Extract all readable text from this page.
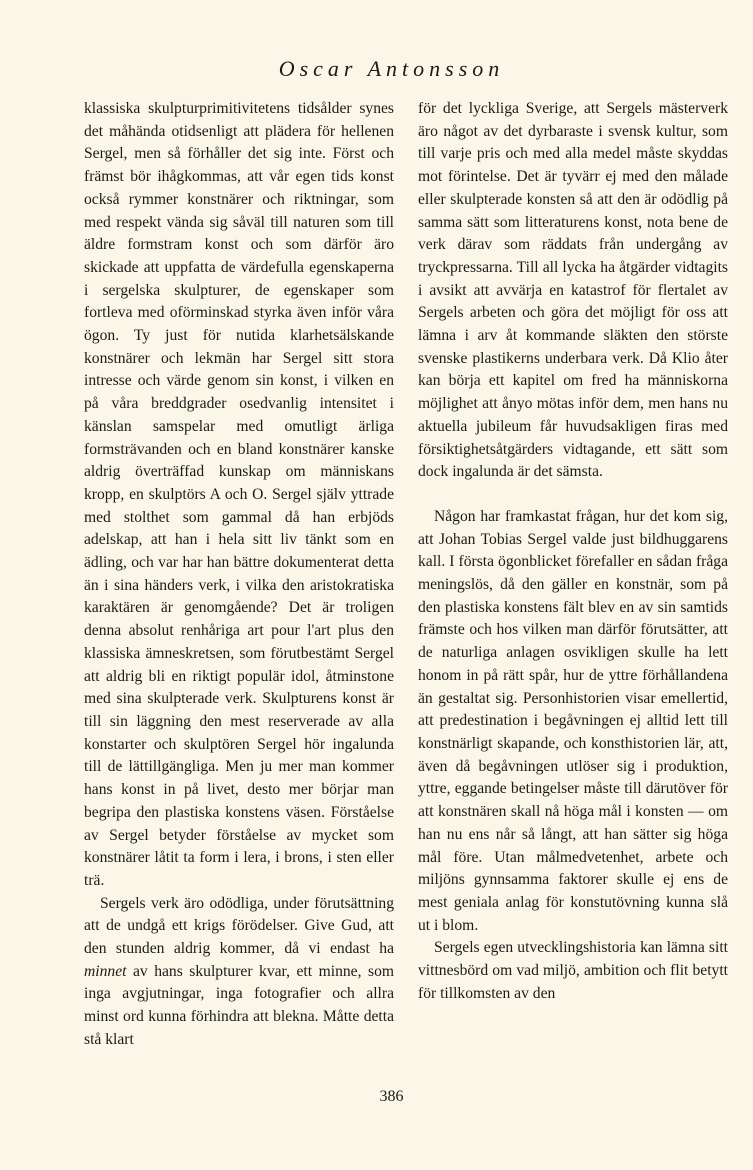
Oscar Antonsson

klassiska skulpturprimitivitetens tidsålder synes det måhända otidsenligt att plädera för hellenen Sergel, men så förhåller det sig inte. Först och främst bör ihågkommas, att vår egen tids konst också rymmer konstnärer och riktningar, som med respekt vända sig såväl till naturen som till äldre formstram konst och som därför äro skickade att uppfatta de värdefulla egenskaperna i sergelska skulpturer, de egenskaper som fortleva med oförminskad styrka även inför våra ögon. Ty just för nutida klarhetsälskande konstnärer och lekmän har Sergel sitt stora intresse och värde genom sin konst, i vilken en på våra breddgrader osedvanlig intensitet i känslan samspelar med omutligt ärliga formsträvanden och en bland konstnärer kanske aldrig överträffad kunskap om människans kropp, en skulptörs A och O. Sergel själv yttrade med stolthet som gammal då han erbjöds adelskap, att han i hela sitt liv tänkt som en ädling, och var har han bättre dokumenterat detta än i sina händers verk, i vilka den aristokratiska karaktären är genomgående? Det är troligen denna absolut renhåriga art pour l'art plus den klassiska ämneskretsen, som förutbestämt Sergel att aldrig bli en riktigt populär idol, åtminstone med sina skulpterade verk. Skulpturens konst är till sin läggning den mest reserverade av alla konstarter och skulptören Sergel hör ingalunda till de lättillgängliga. Men ju mer man kommer hans konst in på livet, desto mer börjar man begripa den plastiska konstens väsen. Förståelse av Sergel betyder förståelse av mycket som konstnärer låtit ta form i lera, i brons, i sten eller trä.

Sergels verk äro odödliga, under förutsättning att de undgå ett krigs förödelser. Give Gud, att den stunden aldrig kommer, då vi endast ha minnet av hans skulpturer kvar, ett minne, som inga avgjutningar, inga fotografier och allra minst ord kunna förhindra att blekna. Måtte detta stå klart

för det lyckliga Sverige, att Sergels mästerverk äro något av det dyrbaraste i svensk kultur, som till varje pris och med alla medel måste skyddas mot förintelse. Det är tyvärr ej med den målade eller skulpterade konsten så att den är odödlig på samma sätt som litteraturens konst, nota bene de verk därav som räddats från undergång av tryckpressarna. Till all lycka ha åtgärder vidtagits i avsikt att avvärja en katastrof för flertalet av Sergels arbeten och göra det möjligt för oss att lämna i arv åt kommande släkten den störste svenske plastikerns underbara verk. Då Klio åter kan börja ett kapitel om fred ha människorna möjlighet att ånyo mötas inför dem, men hans nu aktuella jubileum får huvudsakligen firas med försiktighetsåtgärders vidtagande, ett sätt som dock ingalunda är det sämsta.

Någon har framkastat frågan, hur det kom sig, att Johan Tobias Sergel valde just bildhuggarens kall. I första ögonblicket förefaller en sådan fråga meningslös, då den gäller en konstnär, som på den plastiska konstens fält blev en av sin samtids främste och hos vilken man därför förutsätter, att de naturliga anlagen osvikligen skulle ha lett honom in på rätt spår, hur de yttre förhållandena än gestaltat sig. Personhistorien visar emellertid, att predestination i begåvningen ej alltid lett till konstnärligt skapande, och konsthistorien lär, att, även då begåvningen utlöser sig i produktion, yttre, eggande betingelser måste till därutöver för att konstnären skall nå höga mål i konsten — om han nu ens når så långt, att han sätter sig höga mål före. Utan målmedvetenhet, arbete och miljöns gynnsamma faktorer skulle ej ens de mest geniala anlag för konstutövning kunna slå ut i blom.

Sergels egen utvecklingshistoria kan lämna sitt vittnesbörd om vad miljö, ambition och flit betytt för tillkomsten av den

386
